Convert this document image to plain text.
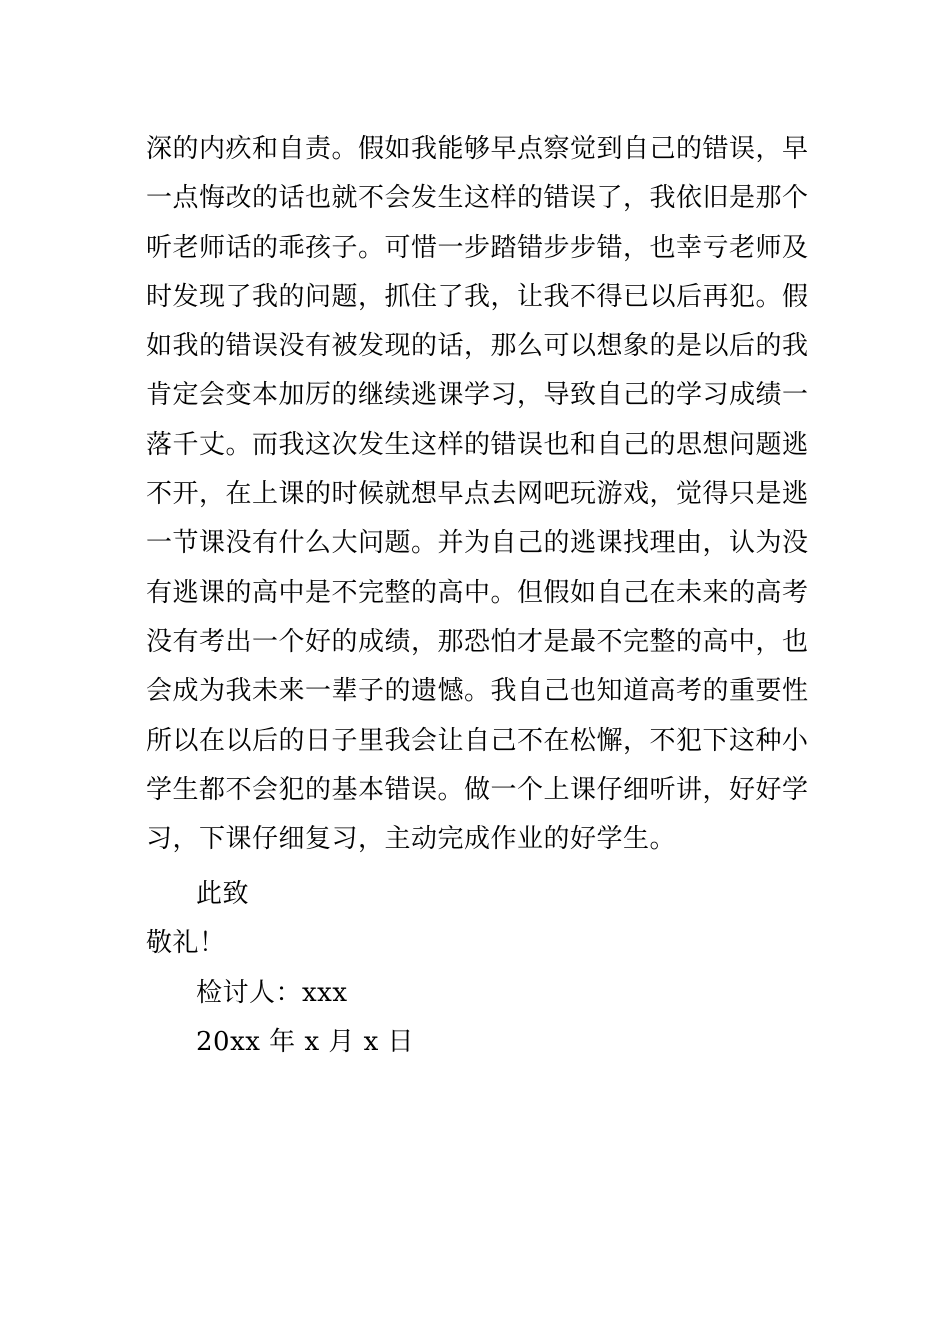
深的内疚和自责。假如我能够早点察觉到自己的错误，早
一点悔改的话也就不会发生这样的错误了，我依旧是那个
听老师话的乖孩子。可惜一步踏错步步错，也幸亏老师及
时发现了我的问题，抓住了我，让我不得已以后再犯。假
如我的错误没有被发现的话，那么可以想象的是以后的我
肯定会变本加厉的继续逃课学习，导致自己的学习成绩一
落千丈。而我这次发生这样的错误也和自己的思想问题逃
不开，在上课的时候就想早点去网吧玩游戏，觉得只是逃
一节课没有什么大问题。并为自己的逃课找理由，认为没
有逃课的高中是不完整的高中。但假如自己在未来的高考
没有考出一个好的成绩，那恐怕才是最不完整的高中，也
会成为我未来一辈子的遗憾。我自己也知道高考的重要性
所以在以后的日子里我会让自己不在松懈，不犯下这种小
学生都不会犯的基本错误。做一个上课仔细听讲，好好学
习，下课仔细复习，主动完成作业的好学生。
此致
敬礼！
检讨人：xxx
20xx 年 x 月 x 日
